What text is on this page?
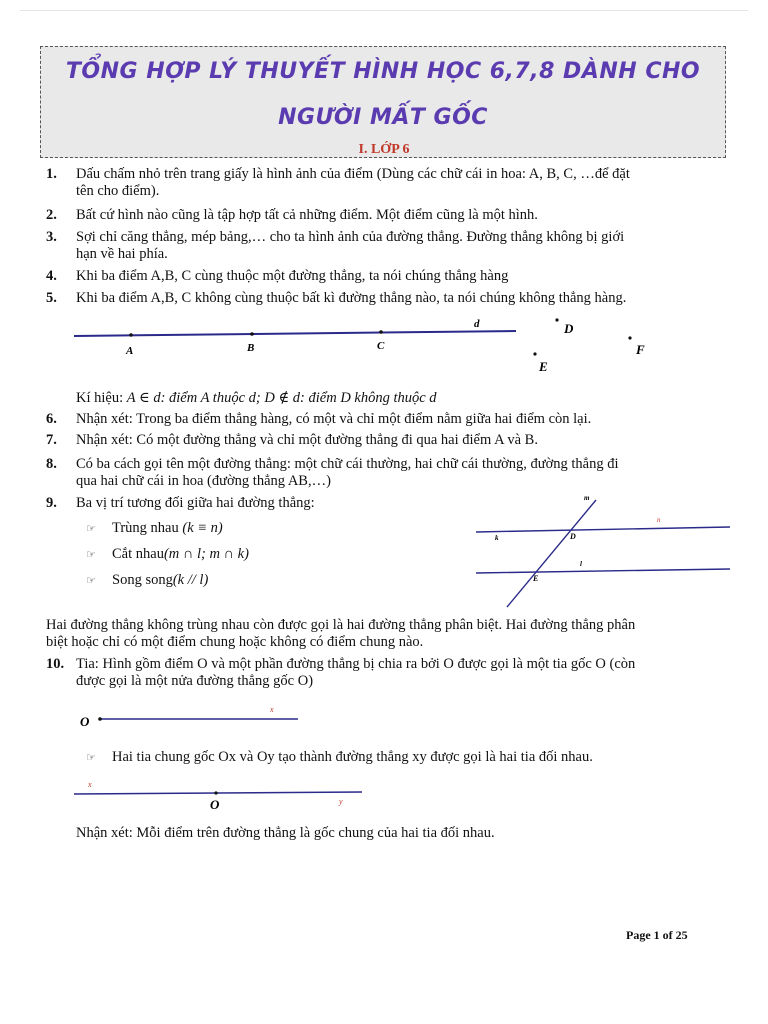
TỔNG HỢP LÝ THUYẾT HÌNH HỌC 6,7,8 DÀNH CHO
NGƯỜI MẤT GỐC
I. LỚP 6
1. Dấu chấm nhỏ trên trang giấy là hình ảnh của điểm (Dùng các chữ cái in hoa: A, B, C, …để đặt
tên cho điểm).
2. Bất cứ hình nào cũng là tập hợp tất cả những điểm. Một điểm cũng là một hình.
3. Sợi chỉ căng thẳng, mép bảng,… cho ta hình ảnh của đường thẳng. Đường thẳng không bị giới
hạn về hai phía.
4. Khi ba điểm A,B, C cùng thuộc một đường thẳng, ta nói chúng thẳng hàng
5. Khi ba điểm A,B, C không cùng thuộc bất kì đường thẳng nào, ta nói chúng không thẳng hàng.
A	B	C
d	D
F
E
Kí hiệu: A ∈ d: điểm A thuộc d; D ∉ d: điểm D không thuộc d
6. Nhận xét: Trong ba điểm thẳng hàng, có một và chỉ một điểm nằm giữa hai điểm còn lại.
7. Nhận xét: Có một đường thẳng và chỉ một đường thẳng đi qua hai điểm A và B.
8. Có ba cách gọi tên một đường thẳng: một chữ cái thường, hai chữ cái thường, đường thẳng đi
qua hai chữ cái in hoa (đường thẳng AB,…)
9. Ba vị trí tương đối giữa hai đường thẳng:
☞ Trùng nhau (k ≡ n)
☞ Cắt nhau(m ∩ l; m ∩ k)
☞ Song song(k // l)
m
n
k	D
l
E
Hai đường thẳng không trùng nhau còn được gọi là hai đường thẳng phân biệt. Hai đường thẳng phân
biệt hoặc chỉ có một điểm chung hoặc không có điểm chung nào.
10. Tia: Hình gồm điểm O và một phần đường thẳng bị chia ra bởi O được gọi là một tia gốc O (còn
được gọi là một nửa đường thẳng gốc O)
O
x
☞ Hai tia chung gốc Ox và Oy tạo thành đường thẳng xy được gọi là hai tia đối nhau.
x
O	y
Nhận xét: Mỗi điểm trên đường thẳng là gốc chung của hai tia đối nhau.
Page 1 of 25
